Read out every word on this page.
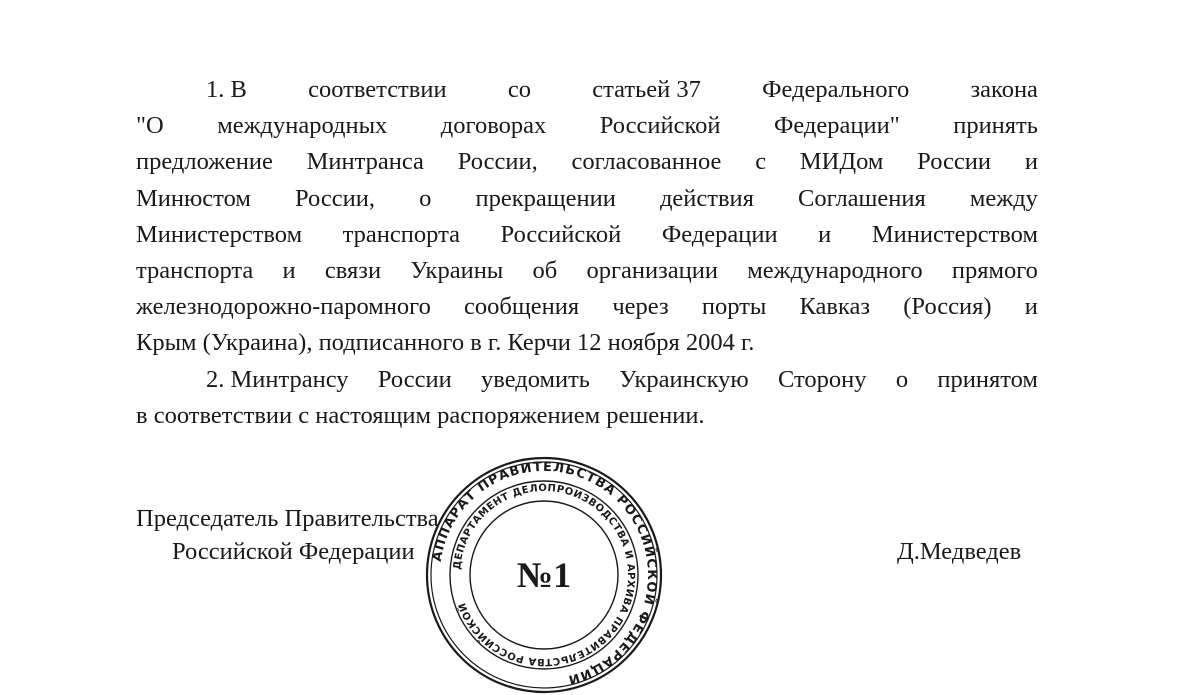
1. В	соответствии	со	статьей 37	Федерального	закона
"О международных договорах Российской Федерации" принять
предложение Минтранса России, согласованное с МИДом России и
Минюстом России, о прекращении действия Соглашения между
Министерством транспорта Российской Федерации и Министерством
транспорта и связи Украины об организации международного прямого
железнодорожно-паромного сообщения через порты Кавказ (Россия) и
Крым (Украина), подписанного в г. Керчи 12 ноября 2004 г.
2. Минтрансу России уведомить Украинскую Сторону о принятом
в соответствии с настоящим распоряжением решении.
Председатель Правительства
Российской Федерации	Д.Медведев
АППАРАТ ПРАВИТЕЛЬСТВА РОССИЙСКОЙ ФЕДЕРАЦИИ
ДЕПАРТАМЕНТ ДЕЛОПРОИЗВОДСТВА И АРХИВА ПРАВИТЕЛЬСТВА РОССИЙСКОЙ
№1
